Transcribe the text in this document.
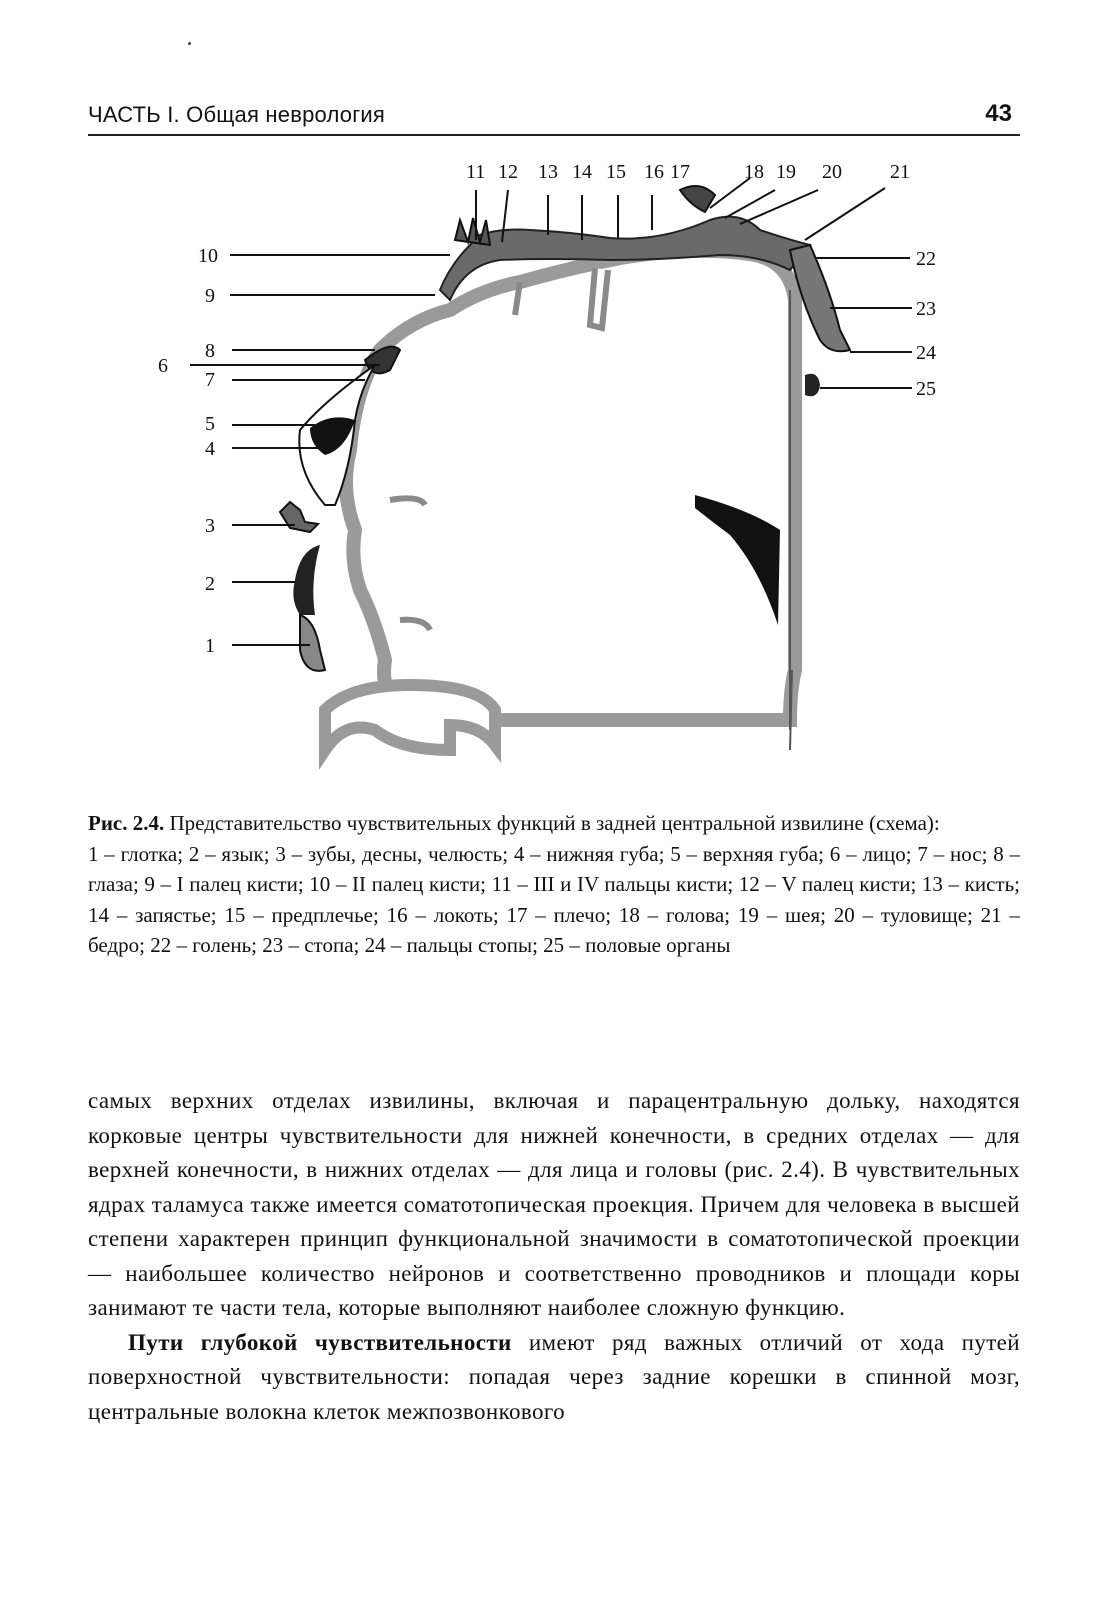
ЧАСТЬ I. Общая неврология	43
1
2
3
4
5
6
7
8
9
10
11 12 13 14 15 16 17	18 19 20 21
22
23
24
25
Рис. 2.4. Представительство чувствительных функций в задней центральной извилине (схема):
1 – глотка; 2 – язык; 3 – зубы, десны, челюсть; 4 – нижняя губа; 5 – верхняя губа; 6 – лицо; 7 – нос; 8 – глаза; 9 – I палец кисти; 10 – II палец кисти; 11 – III и IV пальцы кисти; 12 – V палец кисти; 13 – кисть; 14 – запястье; 15 – предплечье; 16 – локоть; 17 – плечо; 18 – голова; 19 – шея; 20 – туловище; 21 – бедро; 22 – голень; 23 – стопа; 24 – пальцы стопы; 25 – половые органы

самых верхних отделах извилины, включая и парацентральную дольку, находятся корковые центры чувствительности для нижней конечности, в средних отделах — для верхней конечности, в нижних отделах — для лица и головы (рис. 2.4). В чувствительных ядрах таламуса также имеется соматотопическая проекция. Причем для человека в высшей степени характерен принцип функциональной значимости в соматотопической проекции — наибольшее количество нейронов и соответственно проводников и площади коры занимают те части тела, которые выполняют наиболее сложную функцию.

Пути глубокой чувствительности имеют ряд важных отличий от хода путей поверхностной чувствительности: попадая через задние корешки в спинной мозг, центральные волокна клеток межпозвонкового
